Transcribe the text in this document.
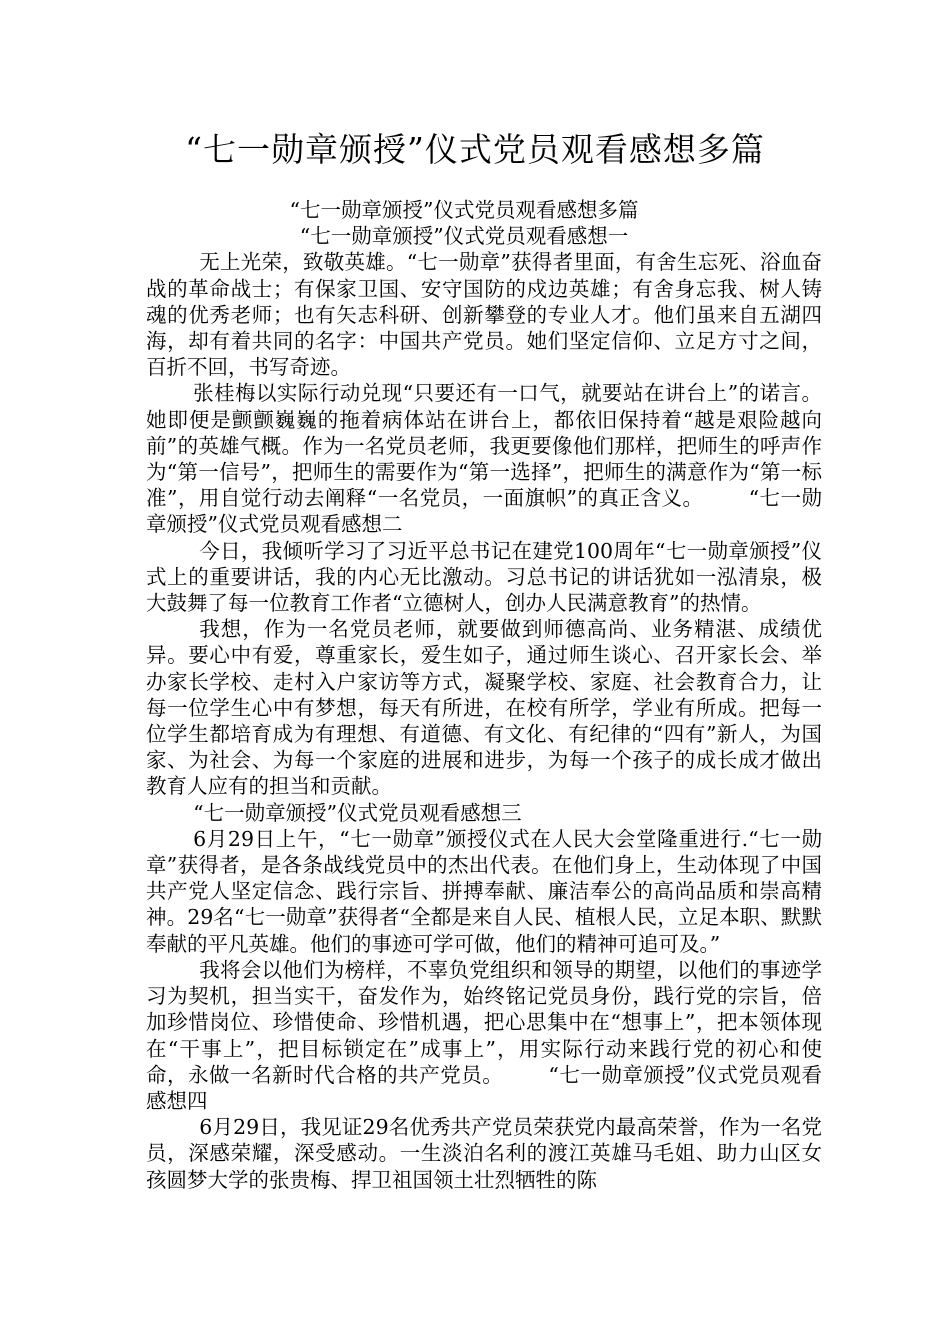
“七一勋章颁授”仪式党员观看感想多篇

“七一勋章颁授”仪式党员观看感想多篇

“七一勋章颁授”仪式党员观看感想一

无上光荣，致敬英雄。“七一勋章”获得者里面，有舍生忘死、浴血奋战的革命战士；有保家卫国、安守国防的戍边英雄；有舍身忘我、树人铸魂的优秀老师；也有矢志科研、创新攀登的专业人才。他们虽来自五湖四海，却有着共同的名字：中国共产党员。她们坚定信仰、立足方寸之间，百折不回，书写奇迹。

张桂梅以实际行动兑现“只要还有一口气，就要站在讲台上”的诺言。她即便是颤颤巍巍的拖着病体站在讲台上，都依旧保持着“越是艰险越向前”的英雄气概。作为一名党员老师，我更要像他们那样，把师生的呼声作为“第一信号”，把师生的需要作为“第一选择”，把师生的满意作为“第一标准”，用自觉行动去阐释“一名党员，一面旗帜”的真正含义。 “七一勋章颁授”仪式党员观看感想二

今日，我倾听学习了习近平总书记在建党100周年“七一勋章颁授”仪式上的重要讲话，我的内心无比激动。习总书记的讲话犹如一泓清泉，极大鼓舞了每一位教育工作者“立德树人，创办人民满意教育”的热情。

我想，作为一名党员老师，就要做到师德高尚、业务精湛、成绩优异。要心中有爱，尊重家长，爱生如子，通过师生谈心、召开家长会、举办家长学校、走村入户家访等方式，凝聚学校、家庭、社会教育合力，让每一位学生心中有梦想，每天有所进，在校有所学，学业有所成。把每一位学生都培育成为有理想、有道德、有文化、有纪律的“四有”新人，为国家、为社会、为每一个家庭的进展和进步，为每一个孩子的成长成才做出教育人应有的担当和贡献。

“七一勋章颁授”仪式党员观看感想三

6月29日上午，“七一勋章”颁授仪式在人民大会堂隆重进行.“七一勋章”获得者，是各条战线党员中的杰出代表。在他们身上，生动体现了中国共产党人坚定信念、践行宗旨、拼搏奉献、廉洁奉公的高尚品质和崇高精神。29名“七一勋章”获得者“全都是来自人民、植根人民，立足本职、默默奉献的平凡英雄。他们的事迹可学可做，他们的精神可追可及。”

我将会以他们为榜样，不辜负党组织和领导的期望，以他们的事迹学习为契机，担当实干，奋发作为，始终铭记党员身份，践行党的宗旨，倍加珍惜岗位、珍惜使命、珍惜机遇，把心思集中在“想事上”，把本领体现在“干事上”，把目标锁定在”成事上”，用实际行动来践行党的初心和使命，永做一名新时代合格的共产党员。 “七一勋章颁授”仪式党员观看感想四

6月29日，我见证29名优秀共产党员荣获党内最高荣誉，作为一名党员，深感荣耀，深受感动。一生淡泊名利的渡江英雄马毛姐、助力山区女孩圆梦大学的张贵梅、捍卫祖国领土壮烈牺牲的陈
